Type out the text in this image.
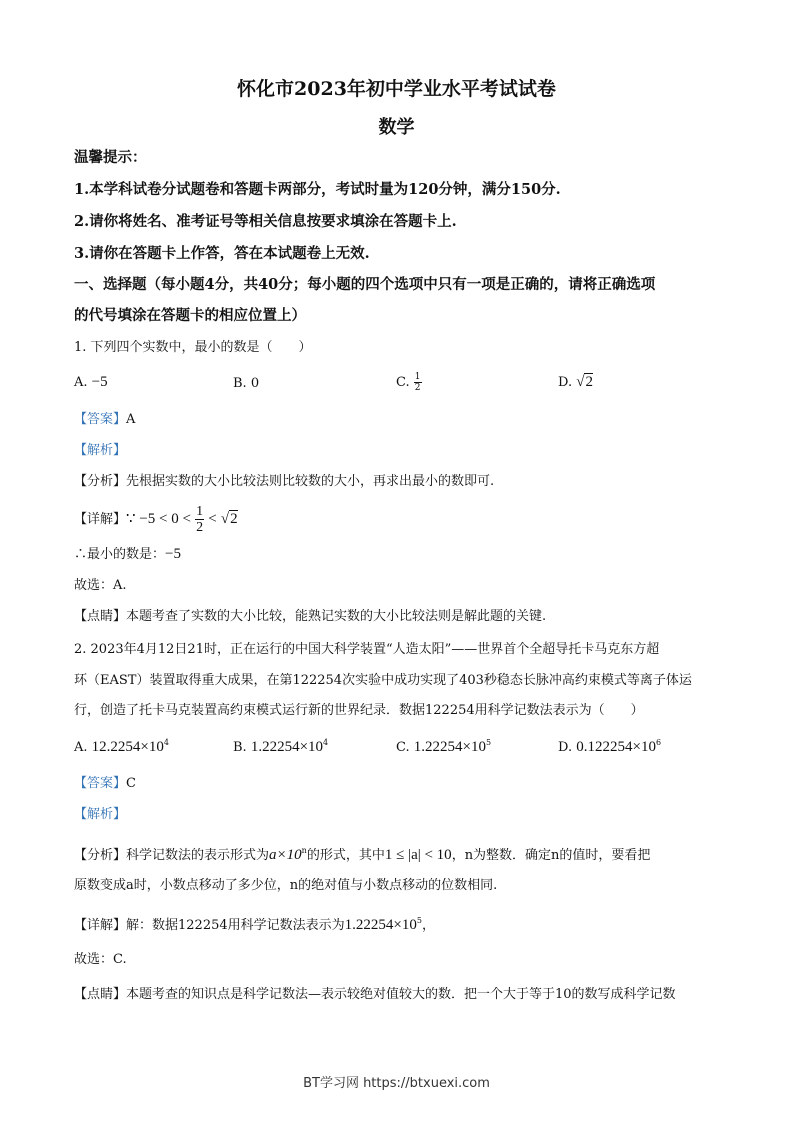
怀化市2023年初中学业水平考试试卷
数学
温馨提示：
1.本学科试卷分试题卷和答题卡两部分，考试时量为120分钟，满分150分.
2.请你将姓名、准考证号等相关信息按要求填涂在答题卡上.
3.请你在答题卡上作答，答在本试题卷上无效.
一、选择题（每小题4分，共40分；每小题的四个选项中只有一项是正确的，请将正确选项
的代号填涂在答题卡的相应位置上）
1. 下列四个实数中，最小的数是（　　）
A. −5	B. 0	C. $\frac{1}{2}$	D. √2
【答案】A
【解析】
【分析】先根据实数的大小比较法则比较数的大小，再求出最小的数即可.
【详解】∵ $-5 < 0 < \frac{1}{2} < √2$
∴最小的数是：−5
故选：A.
【点睛】本题考查了实数的大小比较，能熟记实数的大小比较法则是解此题的关键.
2. 2023年4月12日21时，正在运行的中国大科学装置“人造太阳”——世界首个全超导托卡马克东方超
环（EAST）装置取得重大成果，在第122254次实验中成功实现了403秒稳态长脉冲高约束模式等离子体运
行，创造了托卡马克装置高约束模式运行新的世界纪录．数据122254用科学记数法表示为（　　）
A. $12.2254\times 10^4$	B. $1.22254\times 10^4$	C. $1.22254\times 10^5$	D. $0.122254\times 10^6$
【答案】C
【解析】
【分析】科学记数法的表示形式为$a\times 10^n$的形式，其中1 ≤ |a| < 10，n为整数．确定n的值时，要看把
原数变成a时，小数点移动了多少位，n的绝对值与小数点移动的位数相同.
【详解】解：数据122254用科学记数法表示为$1.22254\times 10^5$，
故选：C.
【点睛】本题考查的知识点是科学记数法—表示较绝对值较大的数．把一个大于等于10的数写成科学记数
BT学习网 https://btxuexi.com
